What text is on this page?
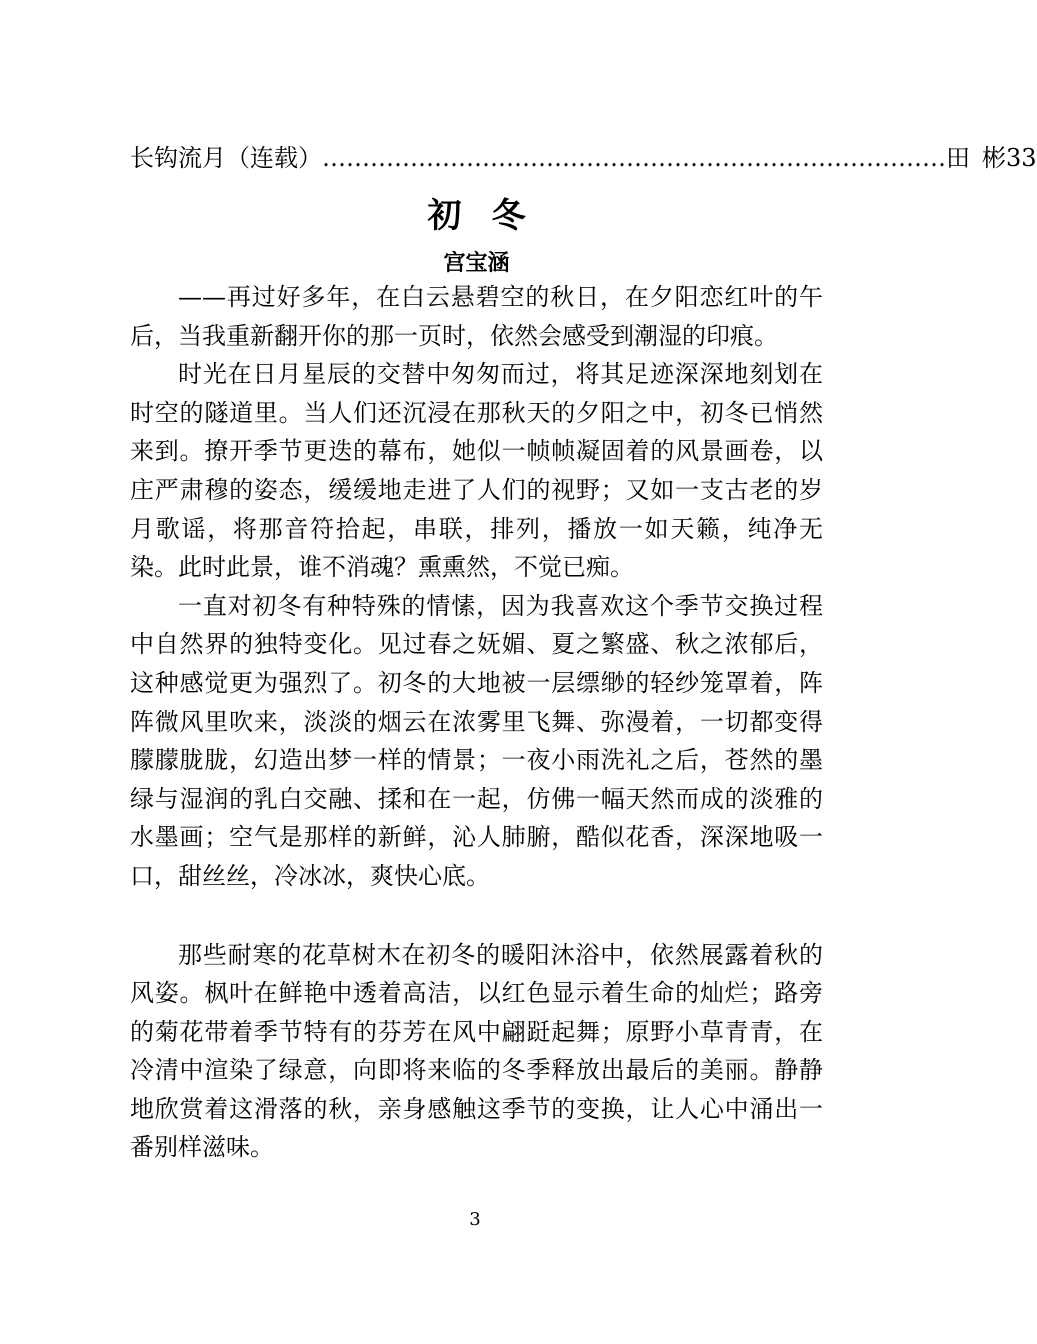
长钩流月（连载） …………………………………………………………………… 田 彬 33
初冬
宫宝涵

——再过好多年，在白云悬碧空的秋日，在夕阳恋红叶的午后，当我重新翻开你的那一页时，依然会感受到潮湿的印痕。

时光在日月星辰的交替中匆匆而过，将其足迹深深地刻划在时空的隧道里。当人们还沉浸在那秋天的夕阳之中，初冬已悄然来到。撩开季节更迭的幕布，她似一帧帧凝固着的风景画卷，以庄严肃穆的姿态，缓缓地走进了人们的视野；又如一支古老的岁月歌谣，将那音符拾起，串联，排列，播放一如天籁，纯净无染。此时此景，谁不消魂？熏熏然，不觉已痴。

一直对初冬有种特殊的情愫，因为我喜欢这个季节交换过程中自然界的独特变化。见过春之妩媚、夏之繁盛、秋之浓郁后，这种感觉更为强烈了。初冬的大地被一层缥缈的轻纱笼罩着，阵阵微风里吹来，淡淡的烟云在浓雾里飞舞、弥漫着，一切都变得朦朦胧胧，幻造出梦一样的情景；一夜小雨洗礼之后，苍然的墨绿与湿润的乳白交融、揉和在一起，仿佛一幅天然而成的淡雅的水墨画；空气是那样的新鲜，沁人肺腑，酷似花香，深深地吸一口，甜丝丝，冷冰冰，爽快心底。

那些耐寒的花草树木在初冬的暖阳沐浴中，依然展露着秋的风姿。枫叶在鲜艳中透着高洁，以红色显示着生命的灿烂；路旁的菊花带着季节特有的芬芳在风中翩跹起舞；原野小草青青，在冷清中渲染了绿意，向即将来临的冬季释放出最后的美丽。静静地欣赏着这滑落的秋，亲身感触这季节的变换，让人心中涌出一番别样滋味。

3
